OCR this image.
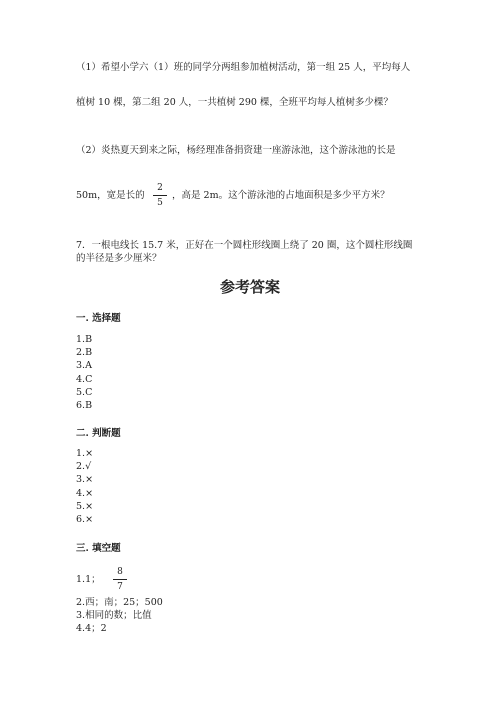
（1）希望小学六（1）班的同学分两组参加植树活动，第一组 25 人，平均每人
植树 10 棵，第二组 20 人，一共植树 290 棵，全班平均每人植树多少棵？
（2）炎热夏天到来之际，杨经理准备捐资建一座游泳池，这个游泳池的长是
50m，宽是长的
2
5
，高是 2m。这个游泳池的占地面积是多少平方米？
7．一根电线长 15.7 米，正好在一个圆柱形线圈上绕了 20 圈，这个圆柱形线圈
的半径是多少厘米？
参考答案
一. 选择题
1.B
2.B
3.A
4.C
5.C
6.B
二. 判断题
1.×
2.√
3.×
4.×
5.×
6.×
三. 填空题
1.1；
8
7
2.西；南；25；500
3.相同的数；比值
4.4；2
